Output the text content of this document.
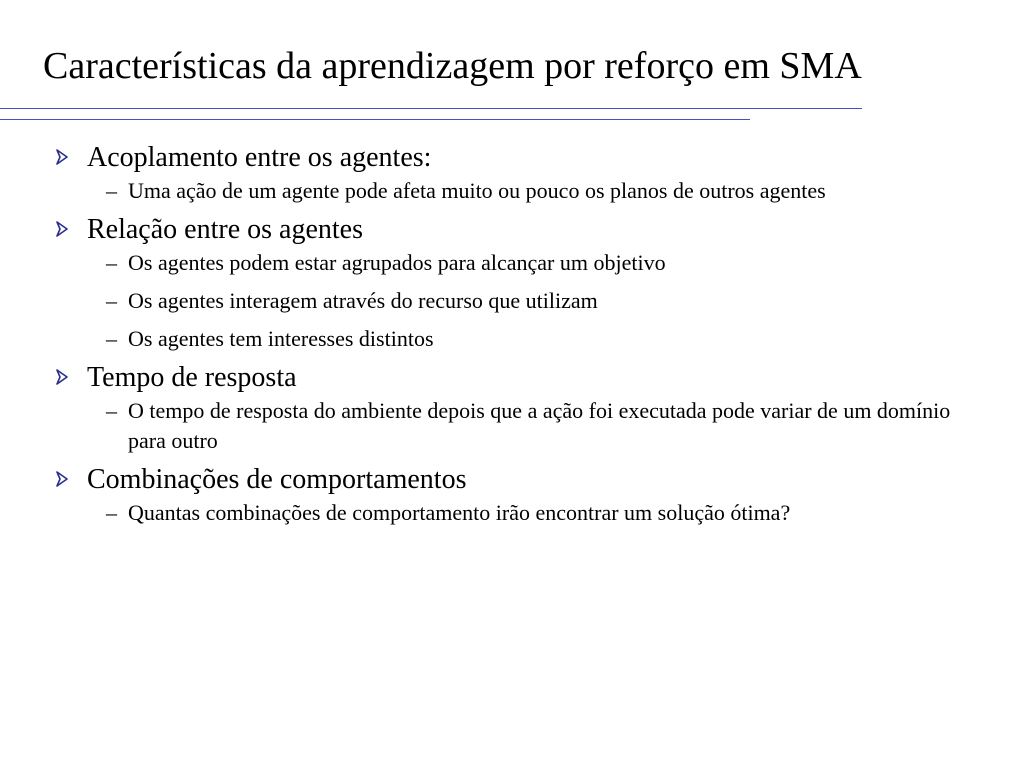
Características da aprendizagem por reforço em SMA
Acoplamento entre os agentes:
– Uma ação de um agente pode afeta muito ou pouco os planos de outros agentes
Relação entre os agentes
– Os agentes podem estar agrupados para alcançar um objetivo
– Os agentes interagem através do recurso que utilizam
– Os agentes tem interesses distintos
Tempo de resposta
– O tempo de resposta do ambiente depois que a ação foi executada pode variar de um domínio para outro
Combinações de comportamentos
– Quantas combinações de comportamento irão encontrar um solução ótima?
